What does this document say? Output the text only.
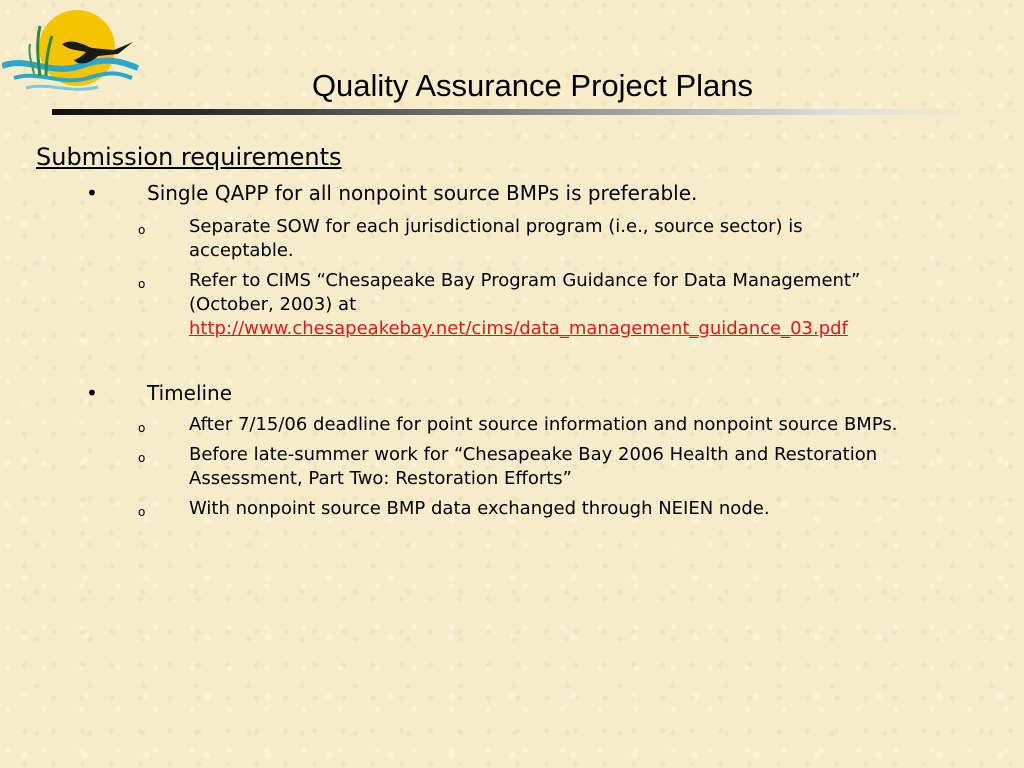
Quality Assurance Project Plans
Submission requirements
• Single QAPP for all nonpoint source BMPs is preferable.
o Separate SOW for each jurisdictional program (i.e., source sector) is
acceptable.
o Refer to CIMS “Chesapeake Bay Program Guidance for Data Management”
(October, 2003) at
http://www.chesapeakebay.net/cims/data_management_guidance_03.pdf
• Timeline
o After 7/15/06 deadline for point source information and nonpoint source BMPs.
o Before late-summer work for “Chesapeake Bay 2006 Health and Restoration
Assessment, Part Two: Restoration Efforts”
o With nonpoint source BMP data exchanged through NEIEN node.
